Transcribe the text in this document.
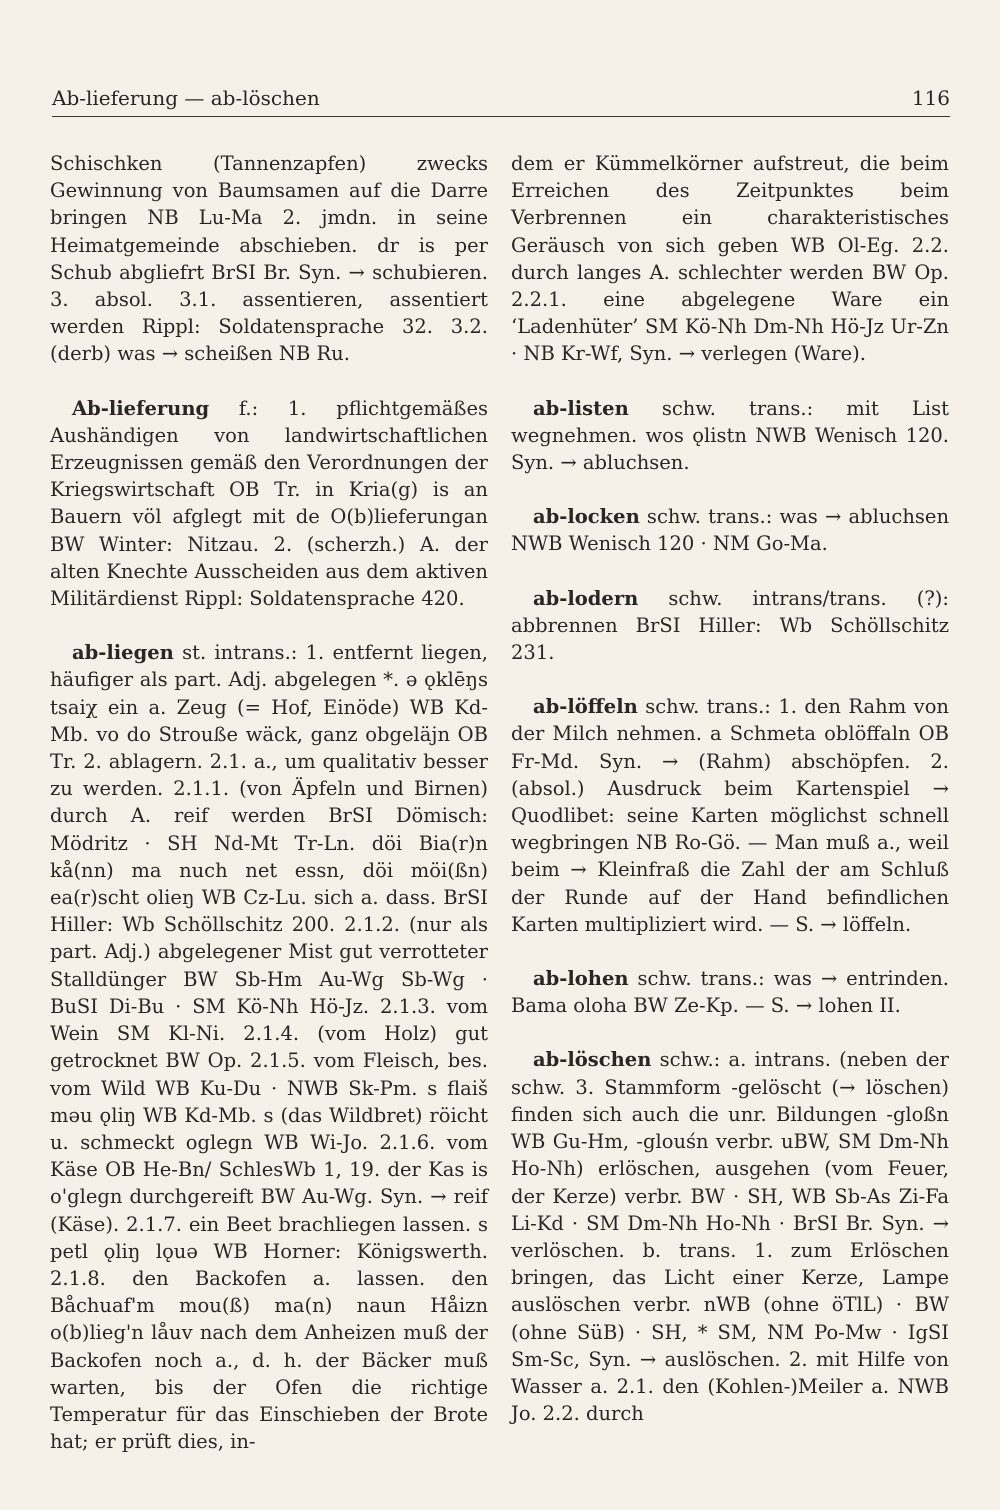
Ab-lieferung — ab-löschen	116

Schischken (Tannenzapfen) zwecks Gewinnung von Baumsamen auf die Darre bringen NB Lu-Ma 2. jmdn. in seine Heimatgemeinde abschieben. dr is per Schub abgliefrt BrSI Br. Syn. → schubieren. 3. absol. 3.1. assentieren, assentiert werden Rippl: Soldatensprache 32. 3.2. (derb) was → scheißen NB Ru.

Ab-lieferung f.: 1. pflichtgemäßes Aushändigen von landwirtschaftlichen Erzeugnissen gemäß den Verordnungen der Kriegswirtschaft OB Tr. in Kria(g) is an Bauern völ afglegt mit de O(b)lieferungan BW Winter: Nitzau. 2. (scherzh.) A. der alten Knechte Ausscheiden aus dem aktiven Militärdienst Rippl: Soldatensprache 420.

ab-liegen st. intrans.: 1. entfernt liegen, häufiger als part. Adj. abgelegen *. ə ǫklēŋs tsaiχ ein a. Zeug (= Hof, Einöde) WB Kd-Mb. vo do Strouße wäck, ganz obgeläjn OB Tr. 2. ablagern. 2.1. a., um qualitativ besser zu werden. 2.1.1. (von Äpfeln und Birnen) durch A. reif werden BrSI Dömisch: Mödritz · SH Nd-Mt Tr-Ln. döi Bia(r)n kå(nn) ma nuch net essn, döi möi(ßn) ea(r)scht olieŋ WB Cz-Lu. sich a. dass. BrSI Hiller: Wb Schöllschitz 200. 2.1.2. (nur als part. Adj.) abgelegener Mist gut verrotteter Stalldünger BW Sb-Hm Au-Wg Sb-Wg · BuSI Di-Bu · SM Kö-Nh Hö-Jz. 2.1.3. vom Wein SM Kl-Ni. 2.1.4. (vom Holz) gut getrocknet BW Op. 2.1.5. vom Fleisch, bes. vom Wild WB Ku-Du · NWB Sk-Pm. s flaiš məu ǫliŋ WB Kd-Mb. s (das Wildbret) röicht u. schmeckt oglegn WB Wi-Jo. 2.1.6. vom Käse OB He-Bn/ SchlesWb 1, 19. der Kas is o'glegn durchgereift BW Au-Wg. Syn. → reif (Käse). 2.1.7. ein Beet brachliegen lassen. s petl ǫliŋ lǫuə WB Horner: Königswerth. 2.1.8. den Backofen a. lassen. den Båchuaf'm mou(ß) ma(n) naun Håizn o(b)lieg'n låuv nach dem Anheizen muß der Backofen noch a., d. h. der Bäcker muß warten, bis der Ofen die richtige Temperatur für das Einschieben der Brote hat; er prüft dies, in-

dem er Kümmelkörner aufstreut, die beim Erreichen des Zeitpunktes beim Verbrennen ein charakteristisches Geräusch von sich geben WB Ol-Eg. 2.2. durch langes A. schlechter werden BW Op. 2.2.1. eine abgelegene Ware ein ‘Ladenhüter’ SM Kö-Nh Dm-Nh Hö-Jz Ur-Zn · NB Kr-Wf, Syn. → verlegen (Ware).

ab-listen schw. trans.: mit List wegnehmen. wos ǫlistn NWB Wenisch 120. Syn. → abluchsen.

ab-locken schw. trans.: was → abluchsen NWB Wenisch 120 · NM Go-Ma.

ab-lodern schw. intrans/trans. (?): abbrennen BrSI Hiller: Wb Schöllschitz 231.

ab-löffeln schw. trans.: 1. den Rahm von der Milch nehmen. a Schmeta oblöffaln OB Fr-Md. Syn. → (Rahm) abschöpfen. 2. (absol.) Ausdruck beim Kartenspiel → Quodlibet: seine Karten möglichst schnell wegbringen NB Ro-Gö. — Man muß a., weil beim → Kleinfraß die Zahl der am Schluß der Runde auf der Hand befindlichen Karten multipliziert wird. — S. → löffeln.

ab-lohen schw. trans.: was → entrinden. Bama oloha BW Ze-Kp. — S. → lohen II.

ab-löschen schw.: a. intrans. (neben der schw. 3. Stammform -gelöscht (→ löschen) finden sich auch die unr. Bildungen -gloßn WB Gu-Hm, -glouśn verbr. uBW, SM Dm-Nh Ho-Nh) erlöschen, ausgehen (vom Feuer, der Kerze) verbr. BW · SH, WB Sb-As Zi-Fa Li-Kd · SM Dm-Nh Ho-Nh · BrSI Br. Syn. → verlöschen. b. trans. 1. zum Erlöschen bringen, das Licht einer Kerze, Lampe auslöschen verbr. nWB (ohne öTlL) · BW (ohne SüB) · SH, * SM, NM Po-Mw · IgSI Sm-Sc, Syn. → auslöschen. 2. mit Hilfe von Wasser a. 2.1. den (Kohlen-)Meiler a. NWB Jo. 2.2. durch
